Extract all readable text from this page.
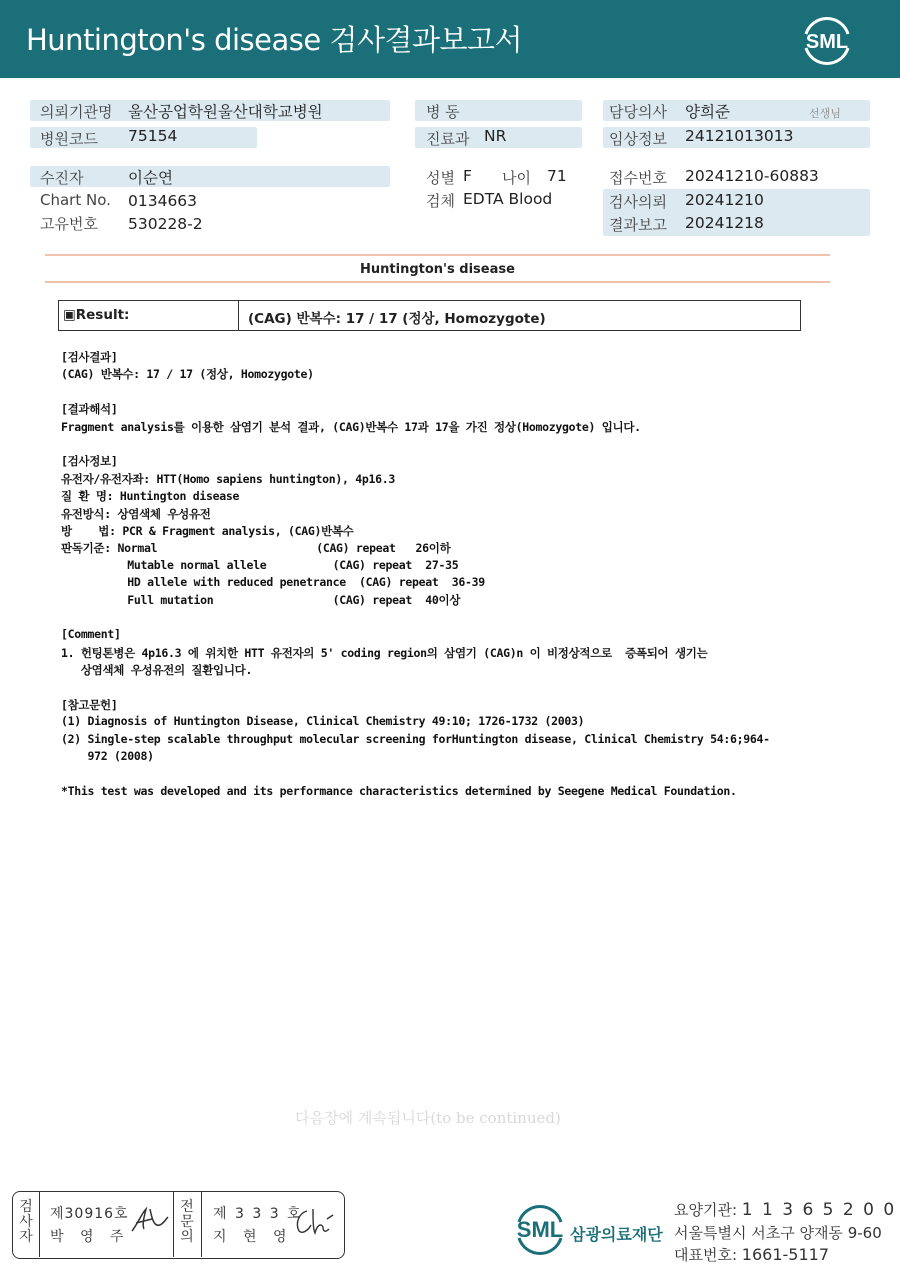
Huntington's disease 검사결과보고서	SML
의뢰기관명 울산공업학원울산대학교병원
병원코드 75154
수진자	이순연
Chart No. 0134663
고유번호 530228-2
병 동
진료과 NR
성별 F 나이 71
검체 EDTA Blood
담당의사 양희준	선생님
임상정보 24121013013
접수번호 20241210-60883
검사의뢰 20241210
결과보고 20241218
Huntington's disease
▣Result:	(CAG) 반복수: 17 / 17 (정상, Homozygote)
[검사결과]
(CAG) 반복수: 17 / 17 (정상, Homozygote)
[결과해석]
Fragment analysis를 이용한 삼염기 분석 결과, (CAG)반복수 17과 17을 가진 정상(Homozygote) 입니다.
[검사정보]
유전자/유전자좌: HTT(Homo sapiens huntington), 4p16.3
질 환 명: Huntington disease
유전방식: 상염색체 우성유전
방    법: PCR & Fragment analysis, (CAG)반복수
판독기준: Normal                        (CAG) repeat   26이하
Mutable normal allele          (CAG) repeat  27-35
HD allele with reduced penetrance  (CAG) repeat  36-39
Full mutation                  (CAG) repeat  40이상
[Comment]
1. 헌팅톤병은 4p16.3 에 위치한 HTT 유전자의 5' coding region의 삼염기 (CAG)n 이 비정상적으로  증폭되어 생기는
상염색체 우성유전의 질환입니다.
[참고문헌]
(1) Diagnosis of Huntington Disease, Clinical Chemistry 49:10; 1726-1732 (2003)
(2) Single-step scalable throughput molecular screening forHuntington disease, Clinical Chemistry 54:6;964-
972 (2008)
*This test was developed and its performance characteristics determined by Seegene Medical Foundation.
다음장에 계속됩니다(to be continued)
검
사
자
제30916호
박 영 주
전
문
의
제 3 3 3 호
지 현 영	SML 삼광의료재단
요양기관: 1 1 3 6 5 2 0 0
서울특별시 서초구 양재동 9-60
대표번호: 1661-5117
